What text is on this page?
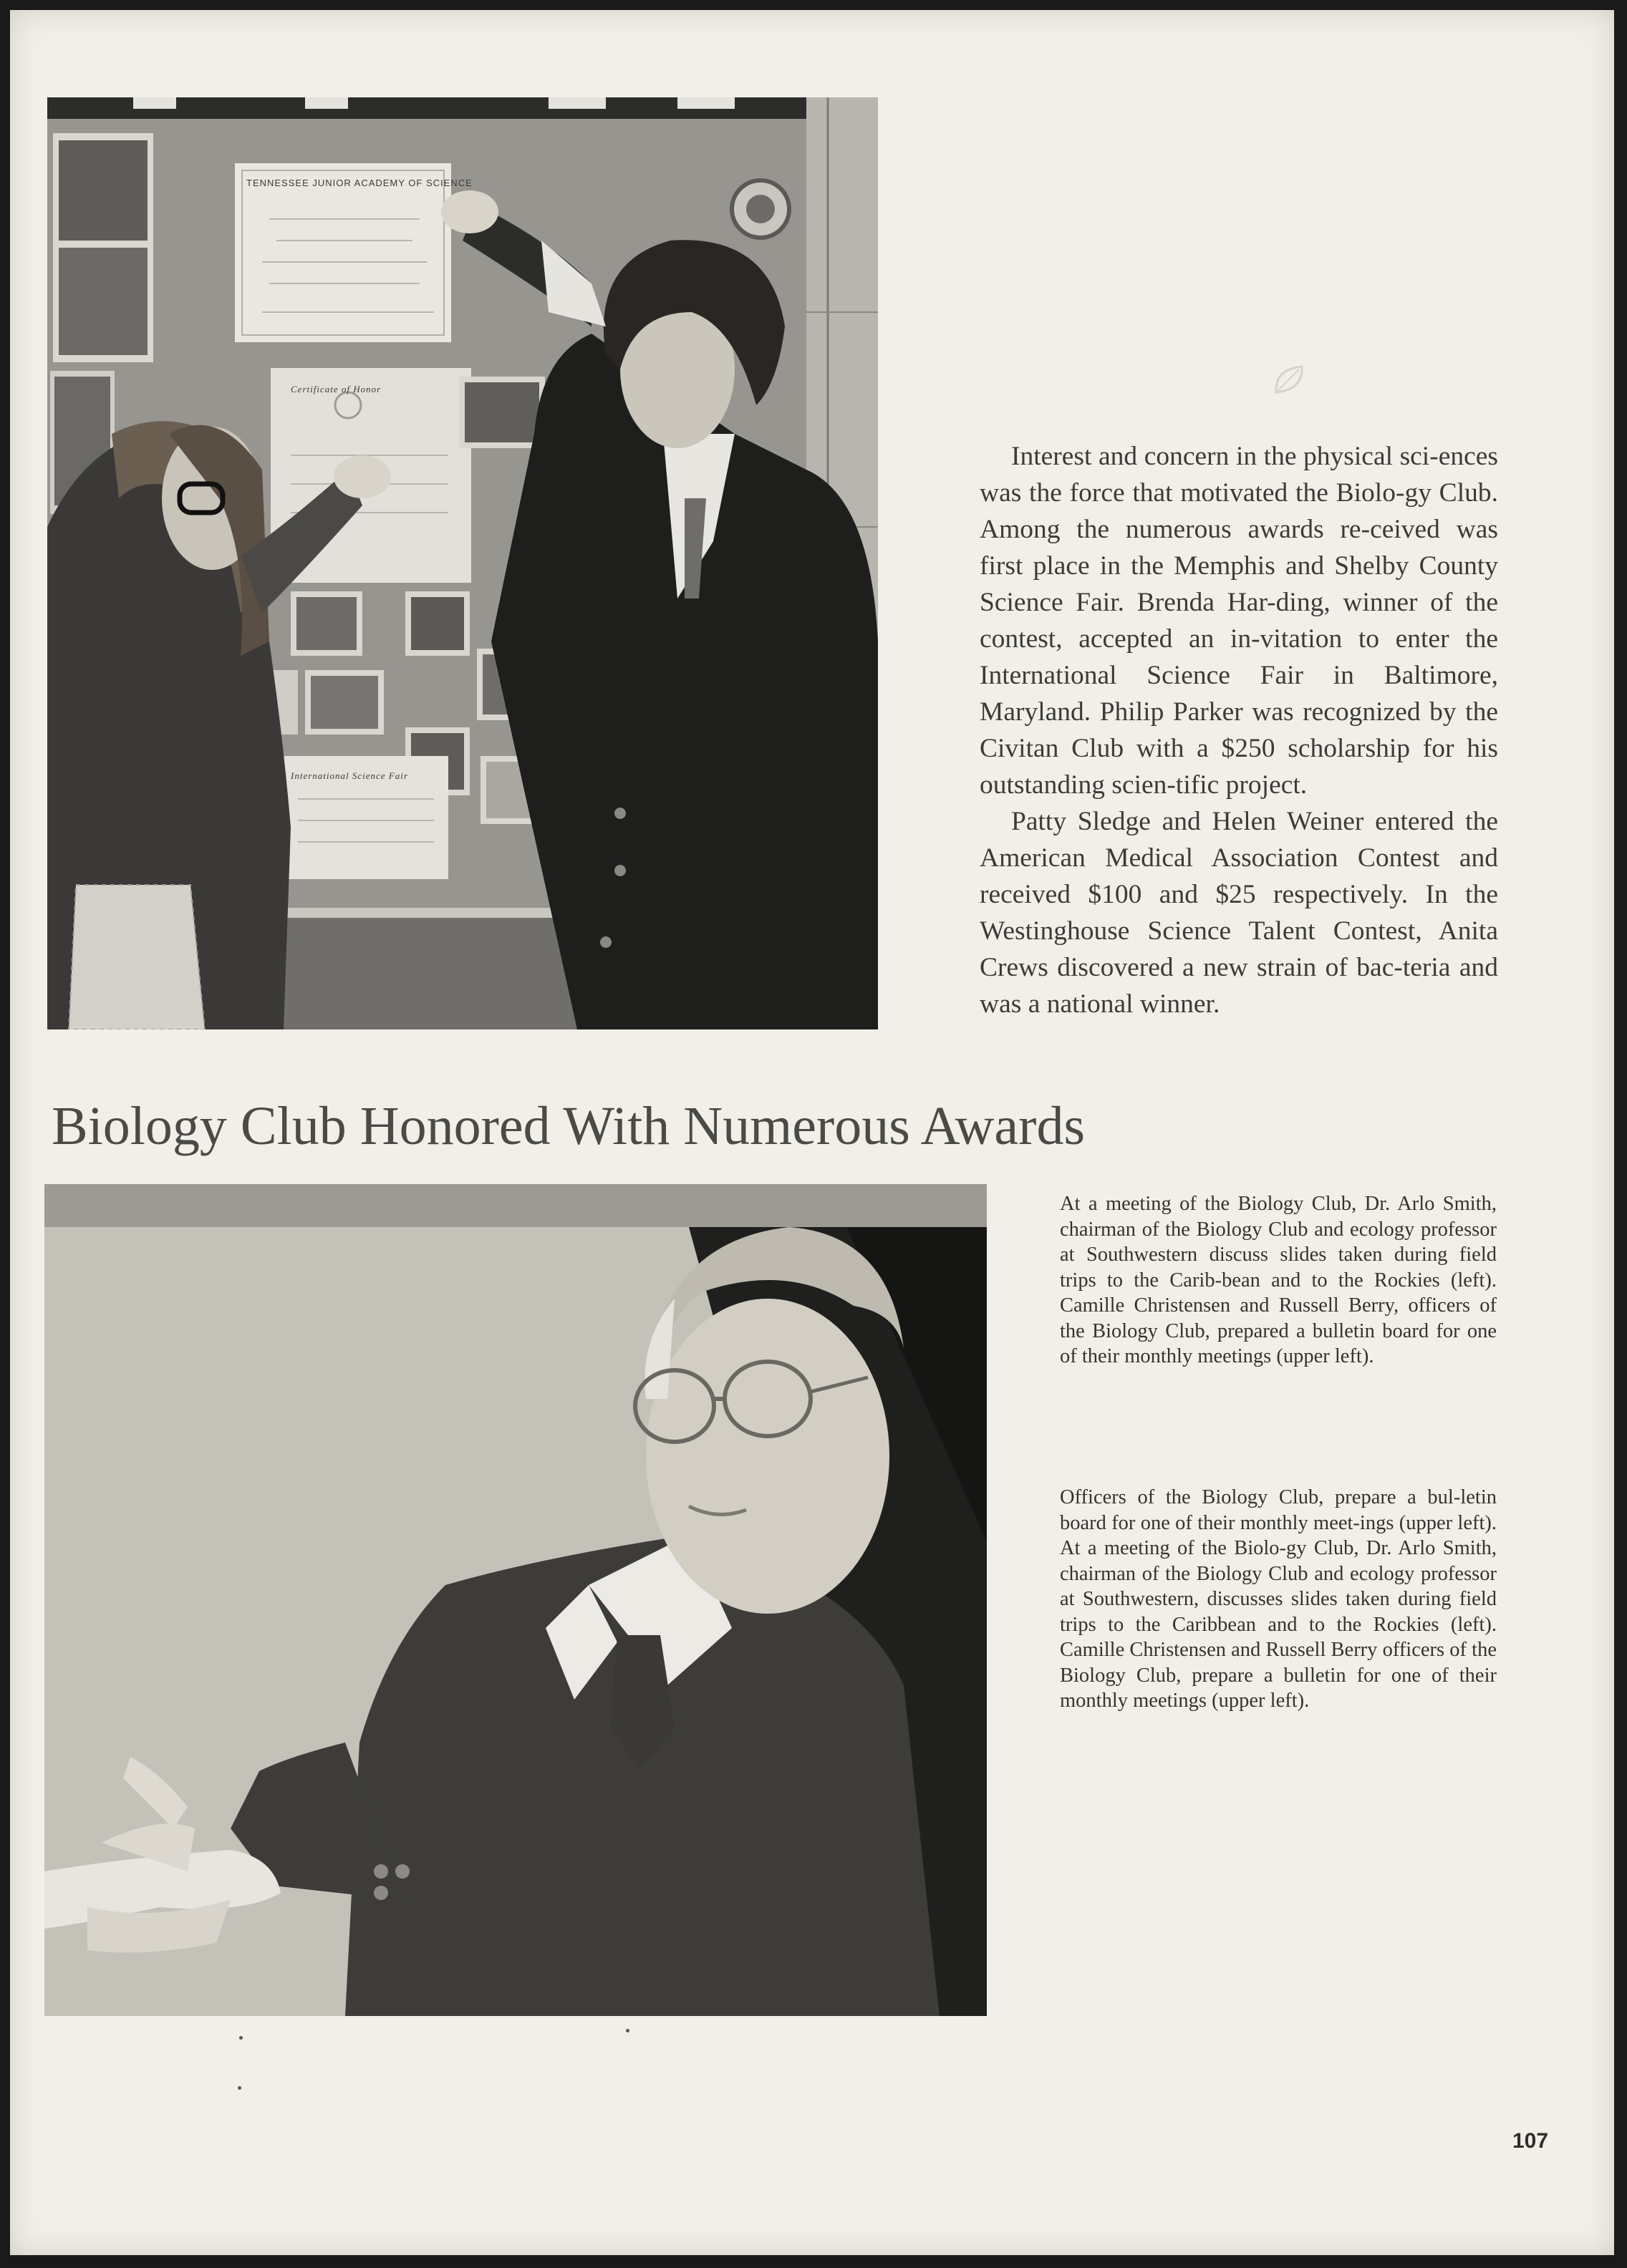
TENNESSEE JUNIOR ACADEMY OF SCIENCE
Certificate of Honor
International Science Fair

Interest and concern in the physical sci-ences was the force that motivated the Biolo-gy Club. Among the numerous awards re-ceived was first place in the Memphis and Shelby County Science Fair. Brenda Har-ding, winner of the contest, accepted an in-vitation to enter the International Science Fair in Baltimore, Maryland. Philip Parker was recognized by the Civitan Club with a $250 scholarship for his outstanding scien-tific project.

Patty Sledge and Helen Weiner entered the American Medical Association Contest and received $100 and $25 respectively. In the Westinghouse Science Talent Contest, Anita Crews discovered a new strain of bac-teria and was a national winner.

Biology Club Honored With Numerous Awards

At a meeting of the Biology Club, Dr. Arlo Smith, chairman of the Biology Club and ecology professor at Southwestern discuss slides taken during field trips to the Carib-bean and to the Rockies (left). Camille Christensen and Russell Berry, officers of the Biology Club, prepared a bulletin board for one of their monthly meetings (upper left).

Officers of the Biology Club, prepare a bul-letin board for one of their monthly meet-ings (upper left). At a meeting of the Biolo-gy Club, Dr. Arlo Smith, chairman of the Biology Club and ecology professor at Southwestern, discusses slides taken during field trips to the Caribbean and to the Rockies (left). Camille Christensen and Russell Berry officers of the Biology Club, prepare a bulletin for one of their monthly meetings (upper left).

107
